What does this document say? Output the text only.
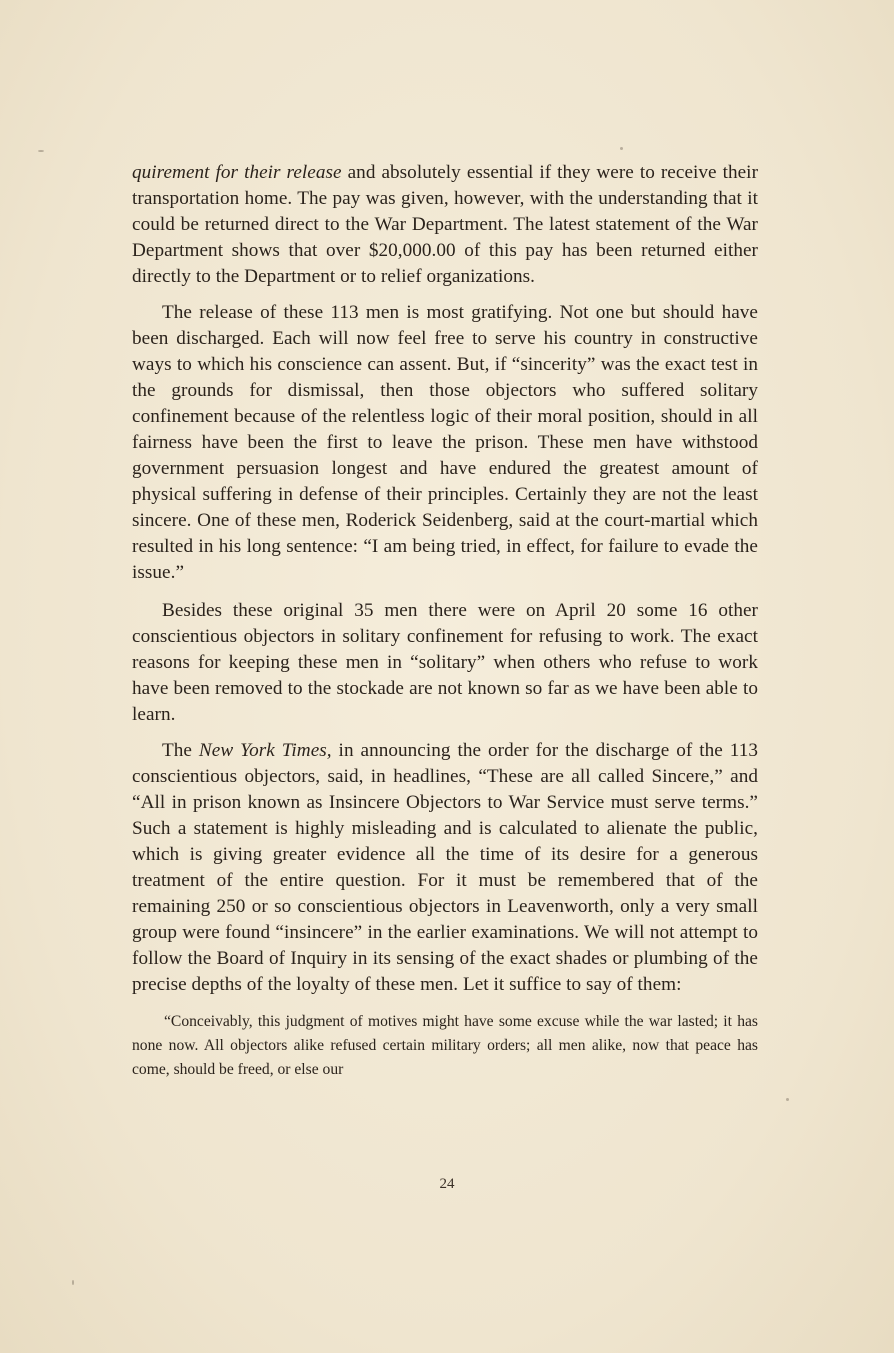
quirement for their release and absolutely essential if they were to receive their transportation home. The pay was given, however, with the understanding that it could be returned direct to the War Department. The latest statement of the War Department shows that over $20,000.00 of this pay has been returned either directly to the Department or to relief organizations.

The release of these 113 men is most gratifying. Not one but should have been discharged. Each will now feel free to serve his country in constructive ways to which his conscience can assent. But, if “sincerity” was the exact test in the grounds for dismissal, then those objectors who suffered solitary confinement because of the relentless logic of their moral position, should in all fairness have been the first to leave the prison. These men have withstood government persuasion longest and have endured the greatest amount of physical suffering in defense of their principles. Certainly they are not the least sincere. One of these men, Roderick Seidenberg, said at the court-martial which resulted in his long sentence: “I am being tried, in effect, for failure to evade the issue.”

Besides these original 35 men there were on April 20 some 16 other conscientious objectors in solitary confinement for refusing to work. The exact reasons for keeping these men in “solitary” when others who refuse to work have been removed to the stockade are not known so far as we have been able to learn.

The New York Times, in announcing the order for the discharge of the 113 conscientious objectors, said, in headlines, “These are all called Sincere,” and “All in prison known as Insincere Objectors to War Service must serve terms.” Such a statement is highly misleading and is calculated to alienate the public, which is giving greater evidence all the time of its desire for a generous treatment of the entire question. For it must be remembered that of the remaining 250 or so conscientious objectors in Leavenworth, only a very small group were found “insincere” in the earlier examinations. We will not attempt to follow the Board of Inquiry in its sensing of the exact shades or plumbing of the precise depths of the loyalty of these men. Let it suffice to say of them:

“Conceivably, this judgment of motives might have some excuse while the war lasted; it has none now. All objectors alike refused certain military orders; all men alike, now that peace has come, should be freed, or else our

24
